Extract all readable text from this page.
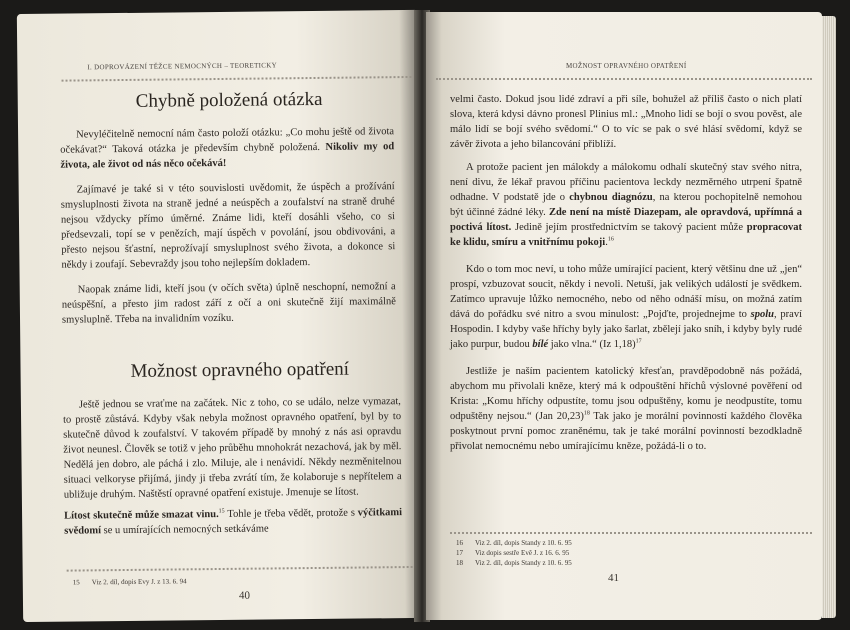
I. DOPROVÁZENÍ TĚŽCE NEMOCNÝCH – TEORETICKY
Chybně položená otázka

Nevyléčitelně nemocní nám často položí otázku: „Co mohu ještě od života očekávat?“ Taková otázka je především chybně položená. Nikoliv my od života, ale život od nás něco očekává!

Zajímavé je také si v této souvislosti uvědomit, že úspěch a prožívání smysluplnosti života na straně jedné a neúspěch a zoufalství na straně druhé nejsou vždycky přímo úměrné. Známe lidi, kteří dosáhli všeho, co si předsevzali, topí se v penězích, mají úspěch v povolání, jsou obdivováni, a přesto nejsou šťastní, neprožívají smysluplnost svého života, a dokonce si někdy i zoufají. Sebevraždy jsou toho nejlepším dokladem.

Naopak známe lidi, kteří jsou (v očích světa) úplně neschopní, nemožní a neúspěšní, a přesto jim radost září z očí a oni skutečně žijí maximálně smysluplně. Třeba na invalidním vozíku.

Možnost opravného opatření

Ještě jednou se vraťme na začátek. Nic z toho, co se událo, nelze vymazat, to prostě zůstává. Kdyby však nebyla možnost opravného opatření, byl by to skutečně důvod k zoufalství. V takovém případě by mnohý z nás asi opravdu život neunesl. Člověk se totiž v jeho průběhu mnohokrát nezachová, jak by měl. Nedělá jen dobro, ale páchá i zlo. Miluje, ale i nenávidí. Někdy nezměnitelnou situaci velkoryse přijímá, jindy ji třeba zvrátí tím, že kolaboruje s nepřítelem a ubližuje druhým. Naštěstí opravné opatření existuje. Jmenuje se lítost.

Lítost skutečně může smazat vinu.$^{15}$ Tohle je třeba vědět, protože s výčitkami svědomí se u umírajících nemocných setkáváme

15 Viz 2. díl, dopis Evy J. z 13. 6. 94
40
MOŽNOST OPRAVNÉHO OPATŘENÍ

velmi často. Dokud jsou lidé zdraví a při síle, bohužel až příliš často o nich platí slova, která kdysi dávno pronesl Plinius ml.: „Mnoho lidí se bojí o svou pověst, ale málo lidí se bojí svého svědomí.“ O to víc se pak o své hlásí svědomí, když se závěr života a jeho bilancování přiblíží.

A protože pacient jen málokdy a málokomu odhalí skutečný stav svého nitra, není divu, že lékař pravou příčinu pacientova leckdy nezměrného utrpení špatně odhadne. V podstatě jde o chybnou diagnózu, na kterou pochopitelně nemohou být účinné žádné léky. Zde není na místě Diazepam, ale opravdová, upřímná a poctivá lítost. Jedině jejím prostřednictvím se takový pacient může propracovat ke klidu, smíru a vnitřnímu pokoji.$^{16}$

Kdo o tom moc neví, u toho může umírající pacient, který většinu dne už „jen“ prospí, vzbuzovat soucit, někdy i nevoli. Netuší, jak velikých událostí je svědkem. Zatímco upravuje lůžko nemocného, nebo od něho odnáší mísu, on možná zatím dává do pořádku své nitro a svou minulost: „Pojďte, projednejme to spolu, praví Hospodin. I kdyby vaše hříchy byly jako šarlat, zbělejí jako sníh, i kdyby byly rudé jako purpur, budou bílé jako vlna.“ (Iz 1,18)$^{17}$

Jestliže je naším pacientem katolický křesťan, pravděpodobně nás požádá, abychom mu přivolali kněze, který má k odpouštění hříchů výslovné pověření od Krista: „Komu hříchy odpustíte, tomu jsou odpuštěny, komu je neodpustíte, tomu odpuštěny nejsou.“ (Jan 20,23)$^{18}$ Tak jako je morální povinností každého člověka poskytnout první pomoc zraněnému, tak je také morální povinností bezodkladně přivolat nemocnému nebo umírajícímu kněze, požádá-li o to.

16 Viz 2. díl, dopis Standy z 10. 6. 95
17 Viz dopis sestře Evě J. z 16. 6. 95
18 Viz 2. díl, dopis Standy z 10. 6. 95
41
